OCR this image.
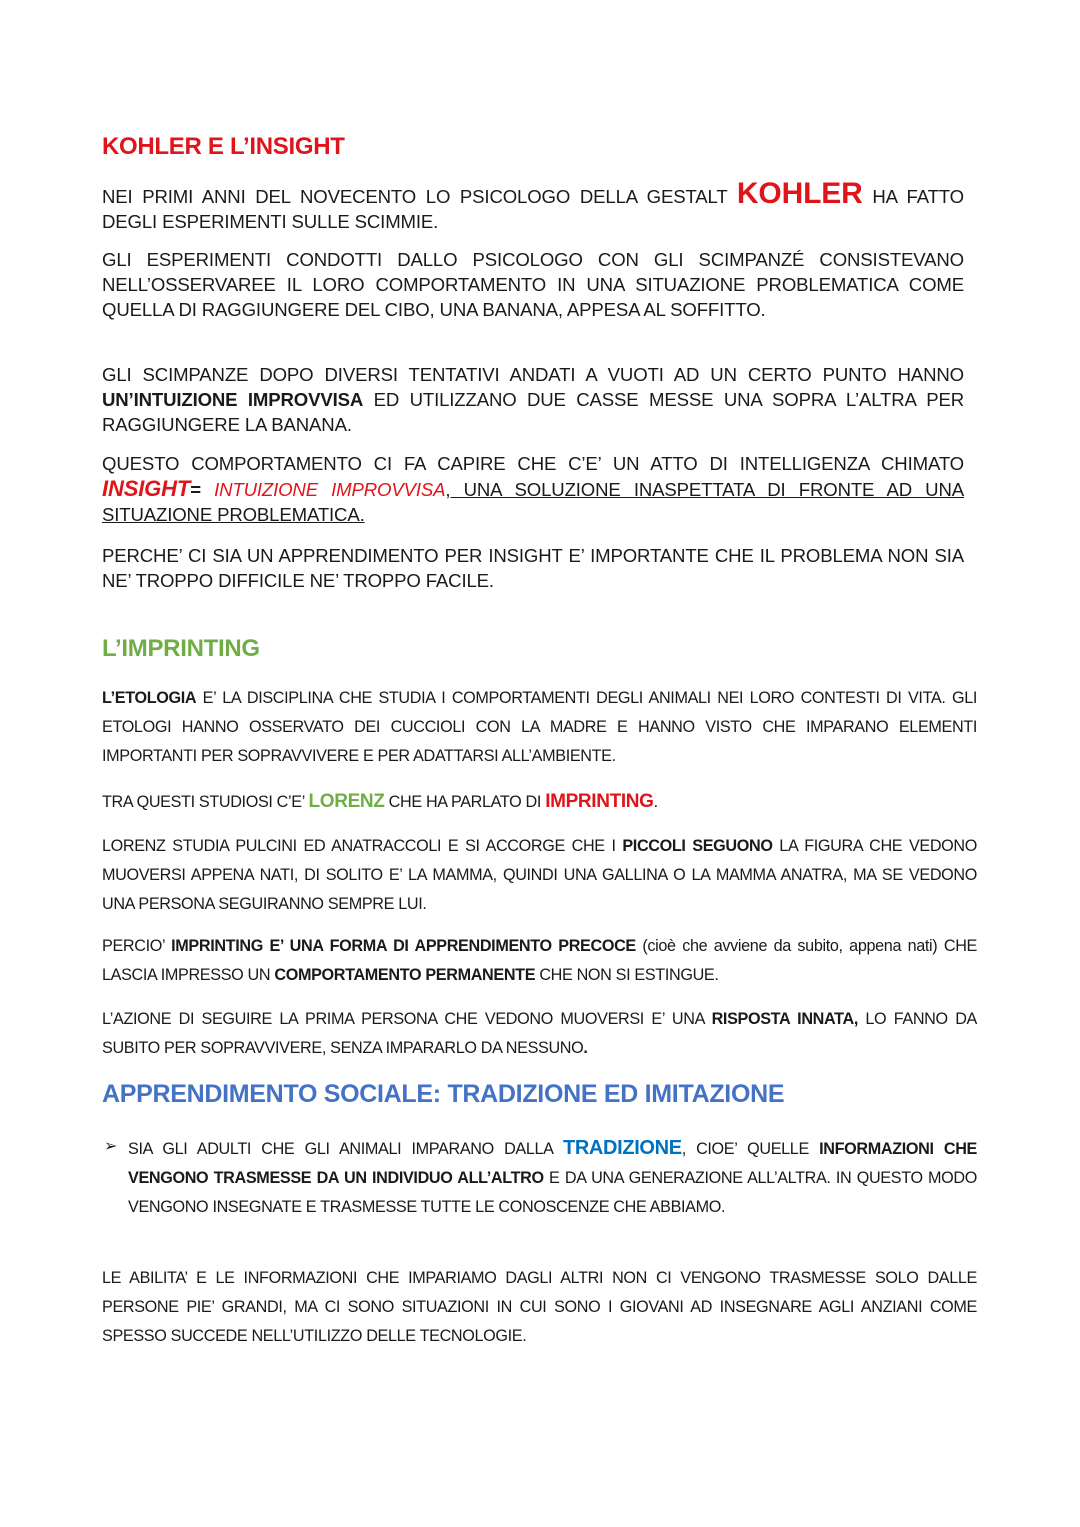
KOHLER E L’INSIGHT

NEI PRIMI ANNI DEL NOVECENTO LO PSICOLOGO DELLA GESTALT KOHLER HA FATTO DEGLI ESPERIMENTI SULLE SCIMMIE.

GLI ESPERIMENTI CONDOTTI DALLO PSICOLOGO CON GLI SCIMPANZÉ CONSISTEVANO NELL’OSSERVAREE IL LORO COMPORTAMENTO IN UNA SITUAZIONE PROBLEMATICA COME QUELLA DI RAGGIUNGERE DEL CIBO, UNA BANANA, APPESA AL SOFFITTO.

GLI SCIMPANZE DOPO DIVERSI TENTATIVI ANDATI A VUOTI AD UN CERTO PUNTO HANNO UN’INTUIZIONE IMPROVVISA ED UTILIZZANO DUE CASSE MESSE UNA SOPRA L’ALTRA PER RAGGIUNGERE LA BANANA.

QUESTO COMPORTAMENTO CI FA CAPIRE CHE C’E’ UN ATTO DI INTELLIGENZA CHIMATO INSIGHT= INTUIZIONE IMPROVVISA, UNA SOLUZIONE INASPETTATA DI FRONTE AD UNA SITUAZIONE PROBLEMATICA.

PERCHE’ CI SIA UN APPRENDIMENTO PER INSIGHT E’ IMPORTANTE CHE IL PROBLEMA NON SIA NE’ TROPPO DIFFICILE NE’ TROPPO FACILE.

L’IMPRINTING

L’ETOLOGIA E’ LA DISCIPLINA CHE STUDIA I COMPORTAMENTI DEGLI ANIMALI NEI LORO CONTESTI DI VITA. GLI ETOLOGI HANNO OSSERVATO DEI CUCCIOLI CON LA MADRE E HANNO VISTO CHE IMPARANO ELEMENTI IMPORTANTI PER SOPRAVVIVERE E PER ADATTARSI ALL’AMBIENTE.

TRA QUESTI STUDIOSI C’E’ LORENZ CHE HA PARLATO DI IMPRINTING.

LORENZ STUDIA PULCINI ED ANATRACCOLI E SI ACCORGE CHE I PICCOLI SEGUONO LA FIGURA CHE VEDONO MUOVERSI APPENA NATI, DI SOLITO E’ LA MAMMA, QUINDI UNA GALLINA O LA MAMMA ANATRA, MA SE VEDONO UNA PERSONA SEGUIRANNO SEMPRE LUI.

PERCIO’ IMPRINTING E’ UNA FORMA DI APPRENDIMENTO PRECOCE (cioè che avviene da subito, appena nati) CHE LASCIA IMPRESSO UN COMPORTAMENTO PERMANENTE CHE NON SI ESTINGUE.

L’AZIONE DI SEGUIRE LA PRIMA PERSONA CHE VEDONO MUOVERSI E’ UNA RISPOSTA INNATA, LO FANNO DA SUBITO PER SOPRAVVIVERE, SENZA IMPARARLO DA NESSUNO.

APPRENDIMENTO SOCIALE: TRADIZIONE ED IMITAZIONE
➢ SIA GLI ADULTI CHE GLI ANIMALI IMPARANO DALLA TRADIZIONE, CIOE’ QUELLE INFORMAZIONI CHE VENGONO TRASMESSE DA UN INDIVIDUO ALL’ALTRO E DA UNA GENERAZIONE ALL’ALTRA. IN QUESTO MODO VENGONO INSEGNATE E TRASMESSE TUTTE LE CONOSCENZE CHE ABBIAMO.

LE ABILITA’ E LE INFORMAZIONI CHE IMPARIAMO DAGLI ALTRI NON CI VENGONO TRASMESSE SOLO DALLE PERSONE PIE’ GRANDI, MA CI SONO SITUAZIONI IN CUI SONO I GIOVANI AD INSEGNARE AGLI ANZIANI COME SPESSO SUCCEDE NELL’UTILIZZO DELLE TECNOLOGIE.
